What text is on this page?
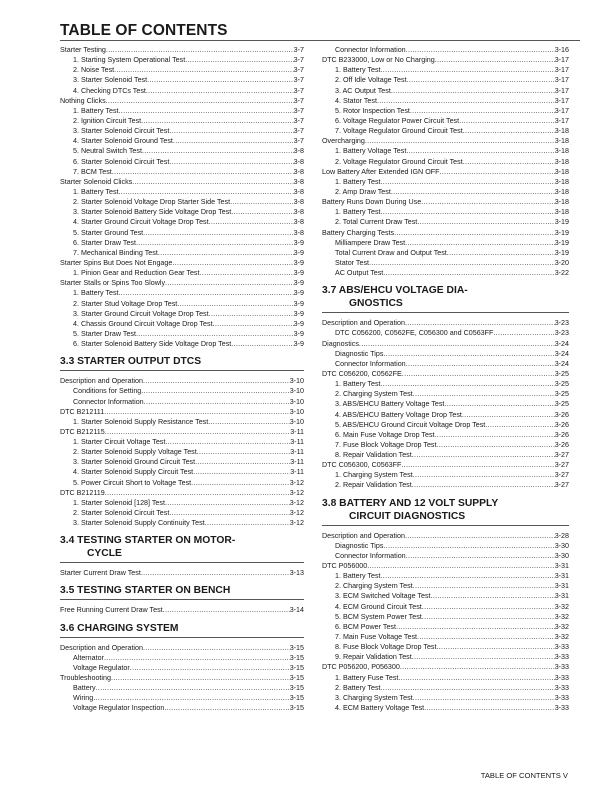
TABLE OF CONTENTS
Starter Testing .....	3-7
1. Starting System Operational Test .....	3-7
2. Noise Test .....	3-7
3. Starter Solenoid Test .....	3-7
4. Checking DTCs Test .....	3-7
Nothing Clicks .....	3-7
1. Battery Test .....	3-7
2. Ignition Circuit Test .....	3-7
3. Starter Solenoid Circuit Test .....	3-7
4. Starter Solenoid Ground Test .....	3-7
5. Neutral Switch Test .....	3-8
6. Starter Solenoid Circuit Test .....	3-8
7. BCM Test .....	3-8
Starter Solenoid Clicks .....	3-8
1. Battery Test .....	3-8
2. Starter Solenoid Voltage Drop Starter Side Test .....	3-8
3. Starter Solenoid Battery Side Voltage Drop Test .....	3-8
4. Starter Ground Circuit Voltage Drop Test .....	3-8
5. Starter Ground Test .....	3-8
6. Starter Draw Test .....	3-9
7. Mechanical Binding Test .....	3-9
Starter Spins But Does Not Engage .....	3-9
1. Pinion Gear and Reduction Gear Test .....	3-9
Starter Stalls or Spins Too Slowly .....	3-9
1. Battery Test .....	3-9
2. Starter Stud Voltage Drop Test .....	3-9
3. Starter Ground Circuit Voltage Drop Test .....	3-9
4. Chassis Ground Circuit Voltage Drop Test .....	3-9
5. Starter Draw Test .....	3-9
6. Starter Solenoid Battery Side Voltage Drop Test .....	3-9
3.3 STARTER OUTPUT DTCS
Description and Operation .....	3-10
Conditions for Setting .....	3-10
Connector Information .....	3-10
DTC B212111 .....	3-10
1. Starter Solenoid Supply Resistance Test .....	3-10
DTC B212115 .....	3-11
1. Starter Circuit Voltage Test .....	3-11
2. Starter Solenoid Supply Voltage Test .....	3-11
3. Starter Solenoid Ground Circuit Test .....	3-11
4. Starter Solenoid Supply Circuit Test .....	3-11
5. Power Circuit Short to Voltage Test .....	3-12
DTC B212119 .....	3-12
1. Starter Solenoid [128] Test .....	3-12
2. Starter Solenoid Circuit Test .....	3-12
3. Starter Solenoid Supply Continuity Test .....	3-12
3.4 TESTING STARTER ON MOTOR-
CYCLE
Starter Current Draw Test .....	3-13
3.5 TESTING STARTER ON BENCH
Free Running Current Draw Test .....	3-14
3.6 CHARGING SYSTEM
Description and Operation .....	3-15
Alternator .....	3-15
Voltage Regulator .....	3-15
Troubleshooting .....	3-15
Battery .....	3-15
Wiring .....	3-15
Voltage Regulator Inspection .....	3-15
Connector Information .....	3-16
DTC B233000, Low or No Charging .....	3-17
1. Battery Test .....	3-17
2. Off Idle Voltage Test .....	3-17
3. AC Output Test .....	3-17
4. Stator Test .....	3-17
5. Rotor Inspection Test .....	3-17
6. Voltage Regulator Power Circuit Test .....	3-17
7. Voltage Regulator Ground Circuit Test .....	3-18
Overcharging .....	3-18
1. Battery Voltage Test .....	3-18
2. Voltage Regulator Ground Circuit Test .....	3-18
Low Battery After Extended IGN OFF .....	3-18
1. Battery Test .....	3-18
2. Amp Draw Test .....	3-18
Battery Runs Down During Use .....	3-18
1. Battery Test .....	3-18
2. Total Current Draw Test .....	3-19
Battery Charging Tests .....	3-19
Milliampere Draw Test .....	3-19
Total Current Draw and Output Test .....	3-19
Stator Test .....	3-20
AC Output Test .....	3-22
3.7 ABS/EHCU VOLTAGE DIA-
GNOSTICS
Description and Operation .....	3-23
DTC C056200, C0562FE, C056300 and C0563FF .....	3-23
Diagnostics .....	3-24
Diagnostic Tips .....	3-24
Connector Information .....	3-24
DTC C056200, C0562FE .....	3-25
1. Battery Test .....	3-25
2. Charging System Test .....	3-25
3. ABS/EHCU Battery Voltage Test .....	3-25
4. ABS/EHCU Battery Voltage Drop Test .....	3-26
5. ABS/EHCU Ground Circuit Voltage Drop Test .....	3-26
6. Main Fuse Voltage Drop Test .....	3-26
7. Fuse Block Voltage Drop Test .....	3-26
8. Repair Validation Test .....	3-27
DTC C056300, C0563FF .....	3-27
1. Charging System Test .....	3-27
2. Repair Validation Test .....	3-27
3.8 BATTERY AND 12 VOLT SUPPLY
CIRCUIT DIAGNOSTICS
Description and Operation .....	3-28
Diagnostic Tips .....	3-30
Connector Information .....	3-30
DTC P056000 .....	3-31
1. Battery Test .....	3-31
2. Charging System Test .....	3-31
3. ECM Switched Voltage Test .....	3-31
4. ECM Ground Circuit Test .....	3-32
5. BCM System Power Test .....	3-32
6. BCM Power Test .....	3-32
7. Main Fuse Voltage Test .....	3-32
8. Fuse Block Voltage Drop Test .....	3-33
9. Repair Validation Test .....	3-33
DTC P056200, P056300 .....	3-33
1. Battery Fuse Test .....	3-33
2. Battery Test .....	3-33
3. Charging System Test .....	3-33
4. ECM Battery Voltage Test .....	3-33
TABLE OF CONTENTS V
